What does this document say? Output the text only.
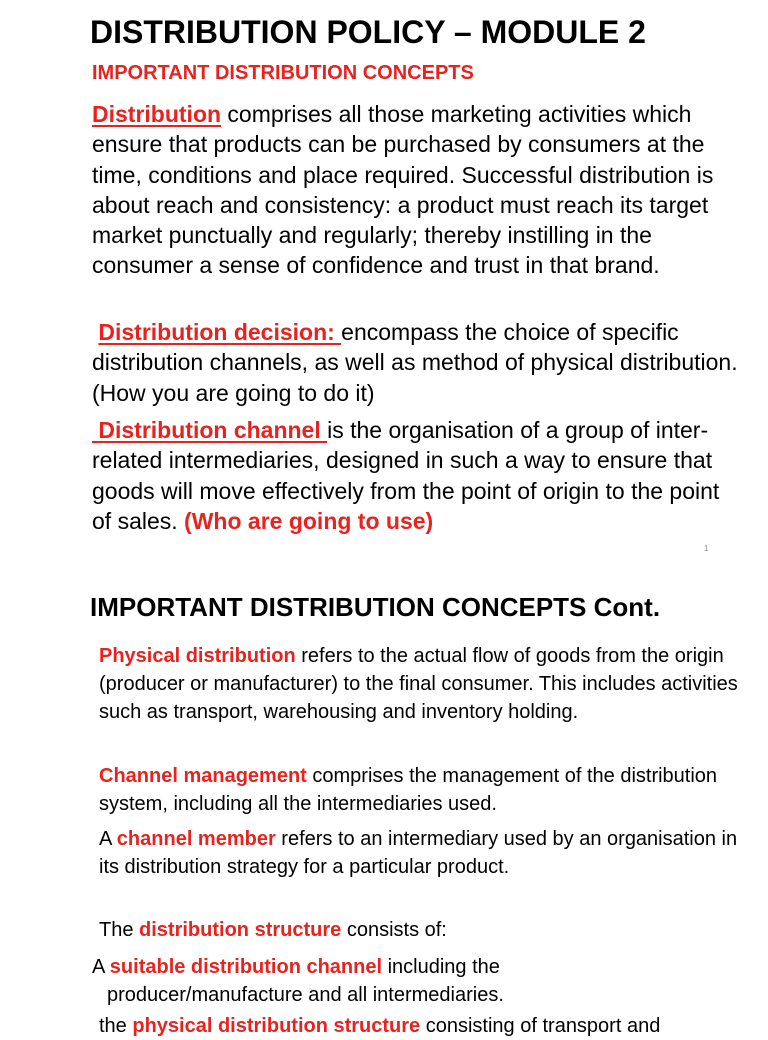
DISTRIBUTION POLICY – MODULE 2
IMPORTANT DISTRIBUTION CONCEPTS

Distribution comprises all those marketing activities which ensure that products can be purchased by consumers at the time, conditions and place required. Successful distribution is about reach and consistency: a product must reach its target market punctually and regularly; thereby instilling in the consumer a sense of confidence and trust in that brand.

Distribution decision: encompass the choice of specific distribution channels, as well as method of physical distribution. (How you are going to do it)

Distribution channel is the organisation of a group of inter-related intermediaries, designed in such a way to ensure that goods will move effectively from the point of origin to the point of sales. (Who are going to use)

1
IMPORTANT DISTRIBUTION CONCEPTS Cont.

Physical distribution refers to the actual flow of goods from the origin (producer or manufacturer) to the final consumer. This includes activities such as transport, warehousing and inventory holding.

Channel management comprises the management of the distribution system, including all the intermediaries used.

A channel member refers to an intermediary used by an organisation in its distribution strategy for a particular product.

The distribution structure consists of:

A suitable distribution channel including the
producer/manufacture and all intermediaries.

the physical distribution structure consisting of transport and
